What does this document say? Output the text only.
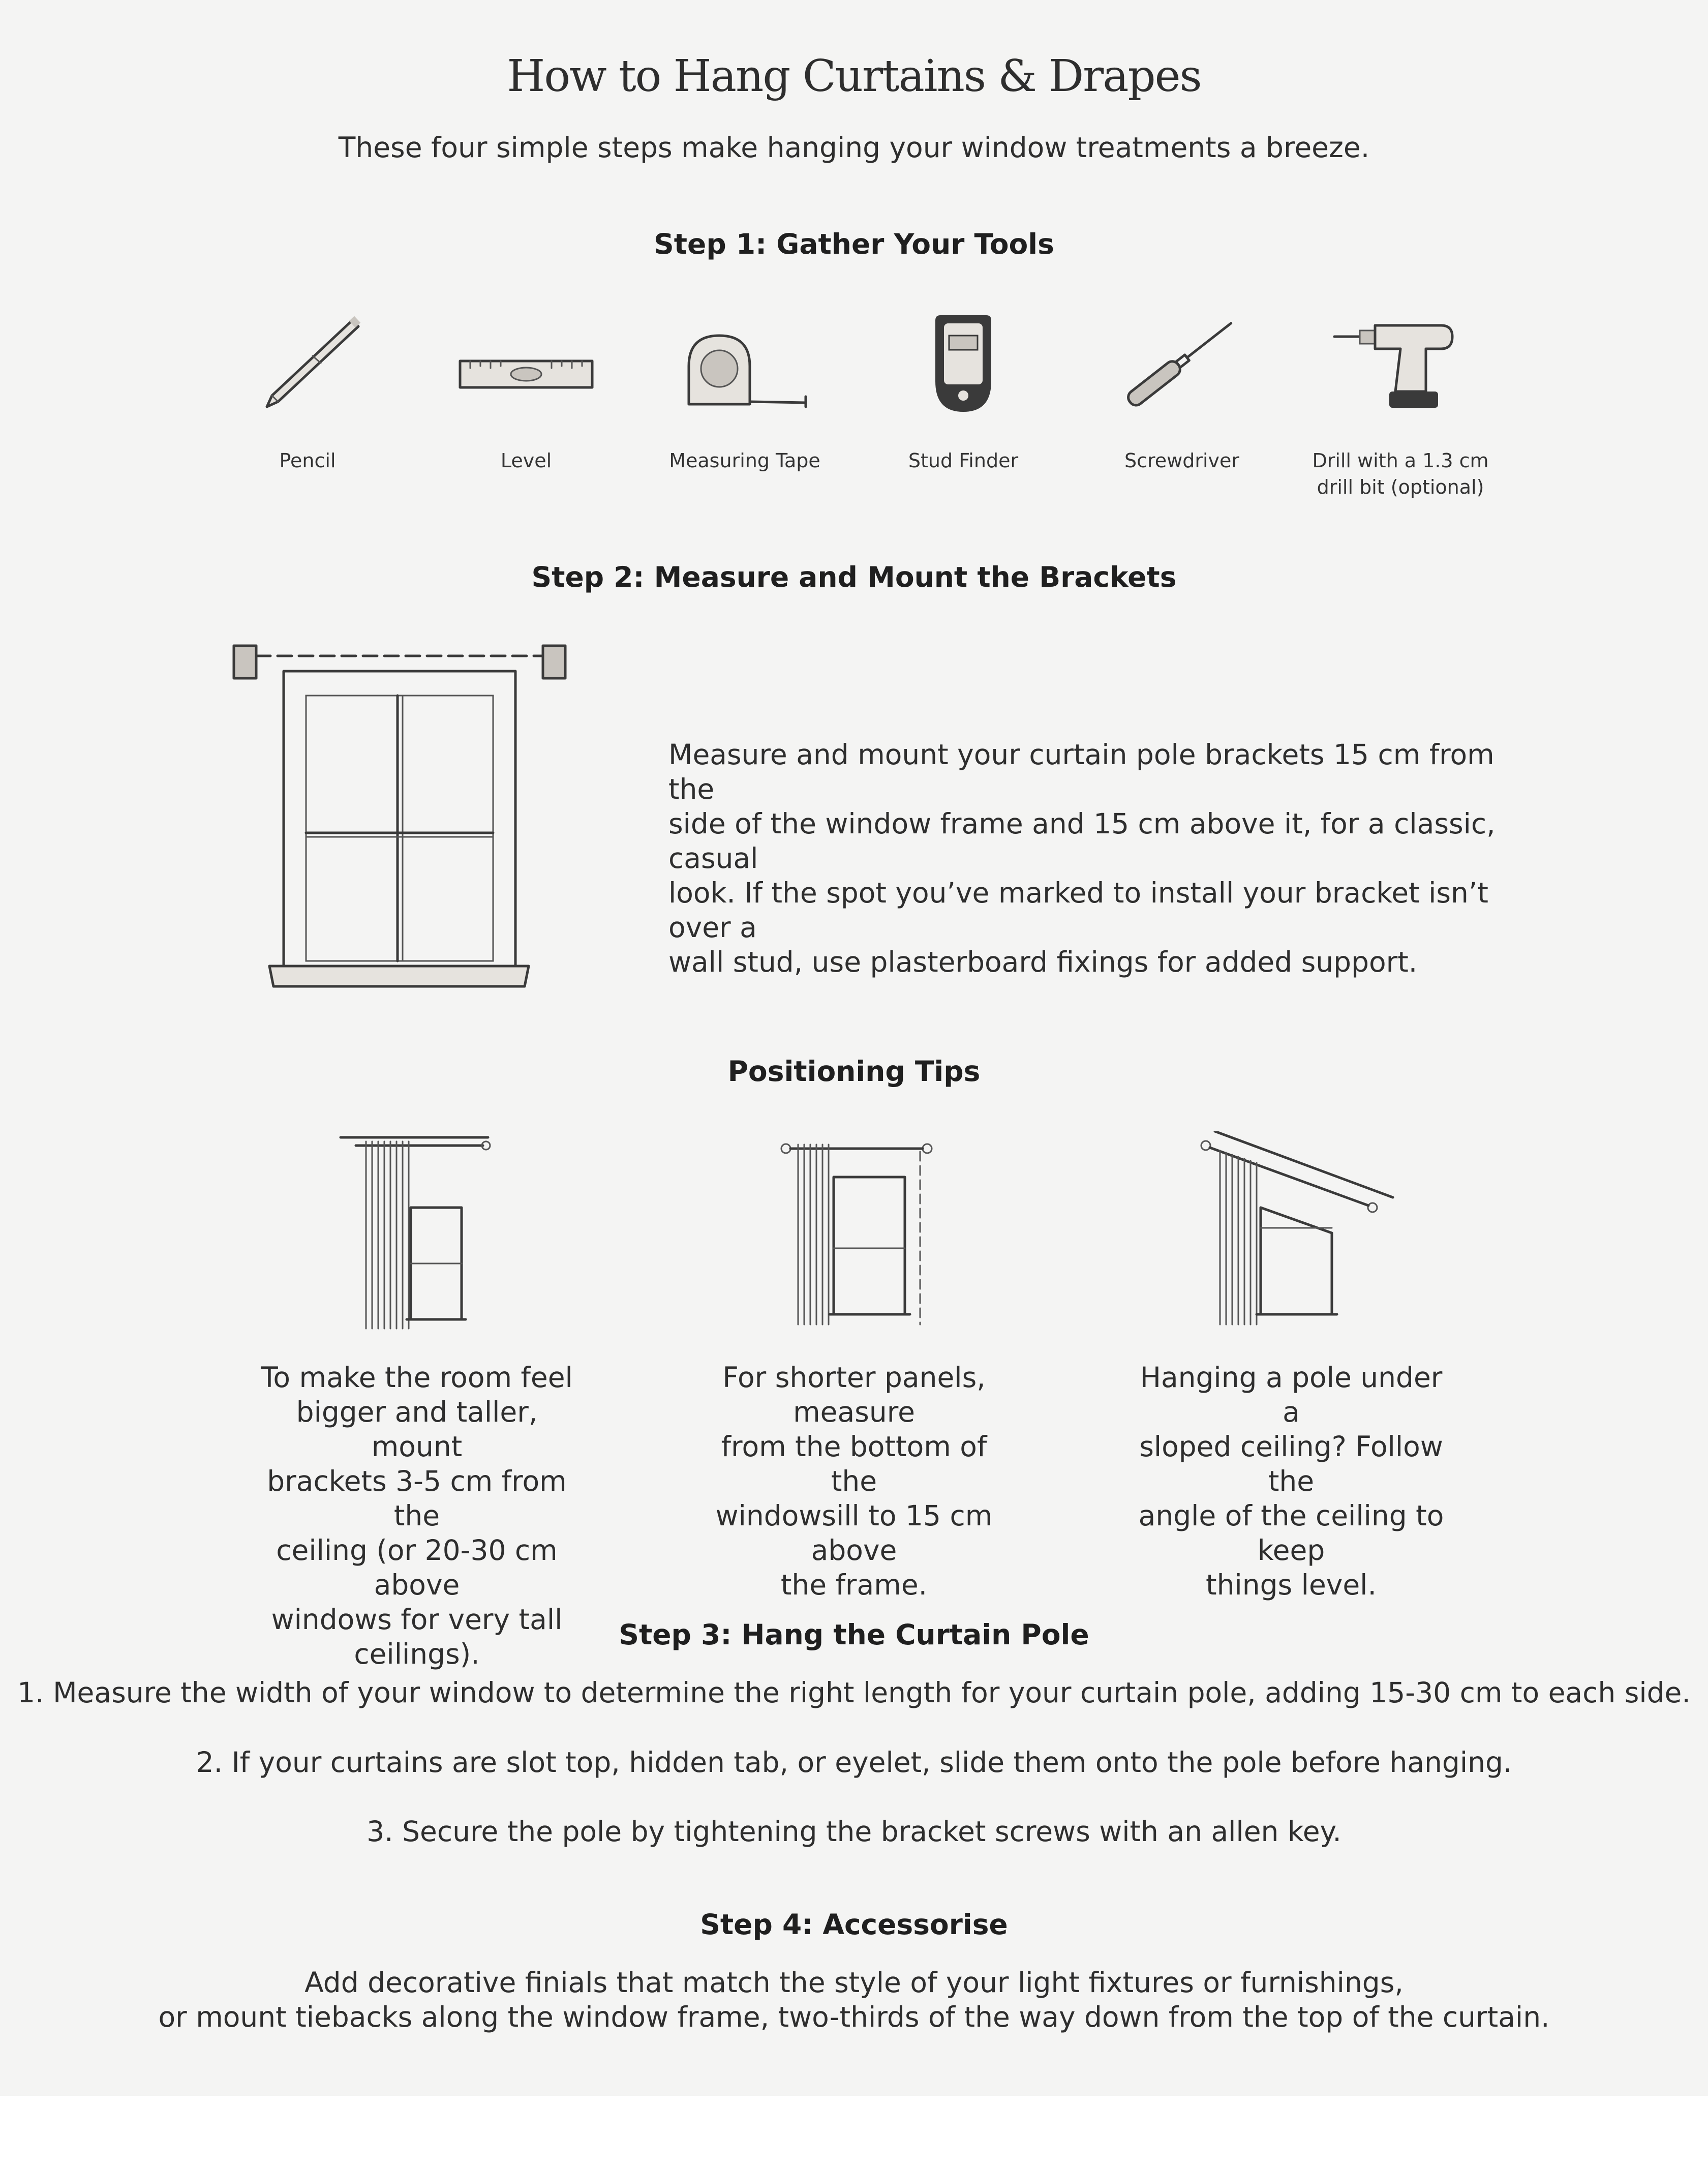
How to Hang Curtains & Drapes
These four simple steps make hanging your window treatments a breeze.
Step 1: Gather Your Tools
Pencil	Level	Measuring Tape	Stud Finder	Screwdriver	Drill with a 1.3 cm
drill bit (optional)
Step 2: Measure and Mount the Brackets
Measure and mount your curtain pole brackets 15 cm from the
side of the window frame and 15 cm above it, for a classic, casual
look. If the spot you’ve marked to install your bracket isn’t over a
wall stud, use plasterboard fixings for added support.
Positioning Tips
To make the room feel
bigger and taller, mount
brackets 3-5 cm from the
ceiling (or 20-30 cm above
windows for very tall
ceilings).
For shorter panels, measure
from the bottom of the
windowsill to 15 cm above
the frame.
Hanging a pole under a
sloped ceiling? Follow the
angle of the ceiling to keep
things level.
Step 3: Hang the Curtain Pole
1. Measure the width of your window to determine the right length for your curtain pole, adding 15-30 cm to each side.
2. If your curtains are slot top, hidden tab, or eyelet, slide them onto the pole before hanging.
3. Secure the pole by tightening the bracket screws with an allen key.
Step 4: Accessorise
Add decorative finials that match the style of your light fixtures or furnishings,
or mount tiebacks along the window frame, two-thirds of the way down from the top of the curtain.
